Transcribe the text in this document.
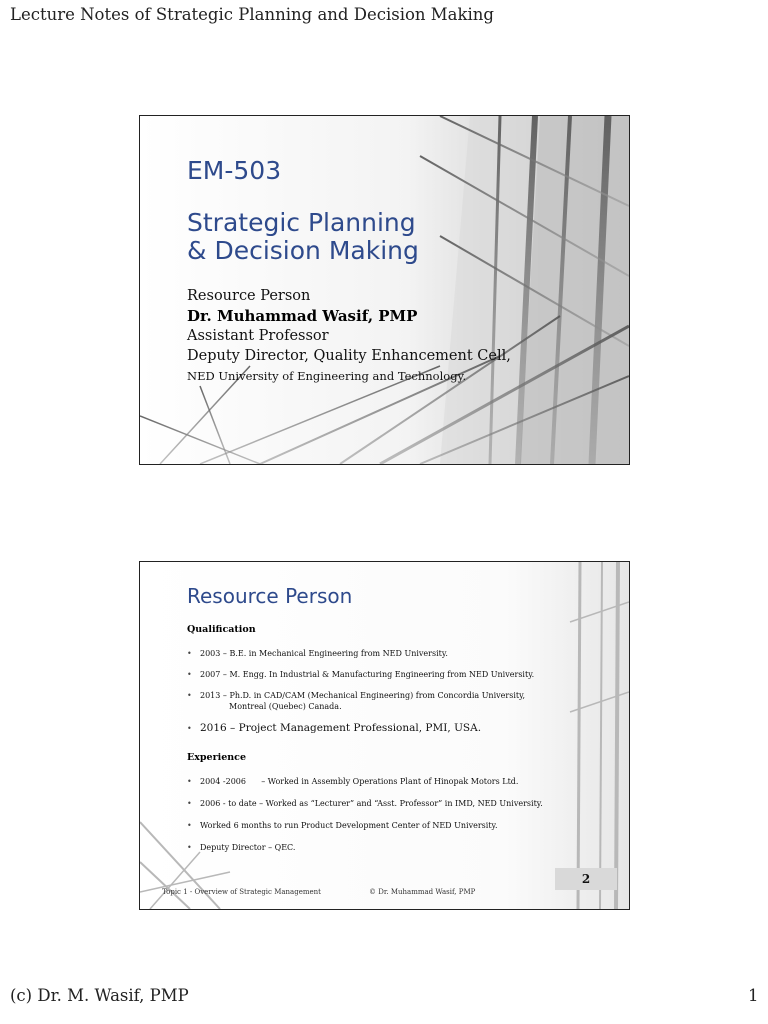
Lecture Notes of Strategic Planning and Decision Making
EM-503
Strategic Planning
& Decision Making
Resource Person
Dr. Muhammad Wasif, PMP
Assistant Professor
Deputy Director, Quality Enhancement Cell,
NED University of Engineering and Technology.
Resource Person
Qualification
• 2003 – B.E. in Mechanical Engineering from NED University.
• 2007 – M. Engg. In Industrial & Manufacturing Engineering from NED University.
• 2013 – Ph.D. in CAD/CAM (Mechanical Engineering) from Concordia University,
Montreal (Quebec) Canada.
• 2016 – Project Management Professional, PMI, USA.
Experience
• 2004 -2006      – Worked in Assembly Operations Plant of Hinopak Motors Ltd.
• 2006 - to date – Worked as “Lecturer” and “Asst. Professor” in IMD, NED University.
• Worked 6 months to run Product Development Center of NED University.
• Deputy Director – QEC.
2
Topic 1 - Overview of Strategic Management	© Dr. Muhammad Wasif, PMP
(c) Dr. M. Wasif, PMP	1
